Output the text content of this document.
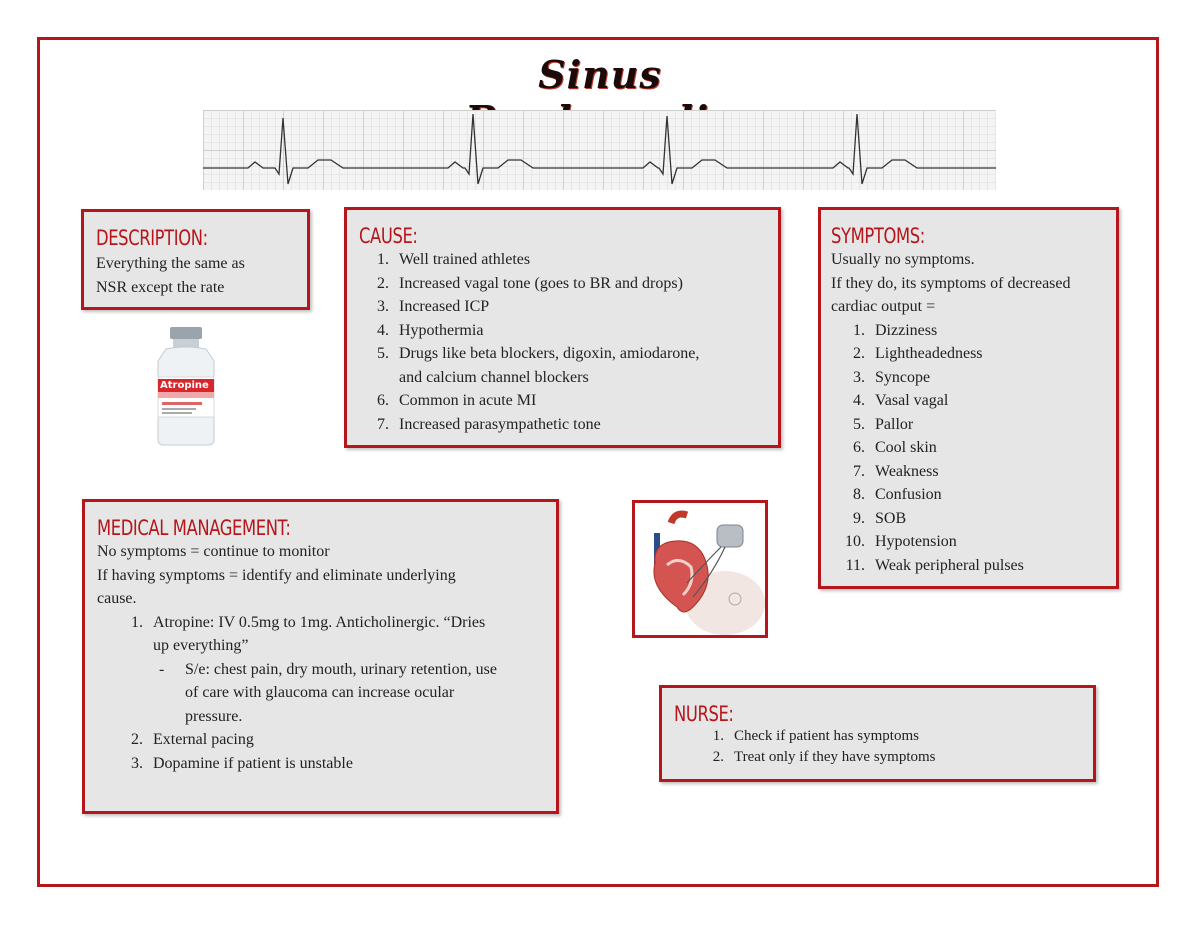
Sinus
DESCRIPTION:
Everything the same as
NSR except the rate
Atropine
CAUSE:
1. Well trained athletes
2. Increased vagal tone (goes to BR and drops)
3. Increased ICP
4. Hypothermia
5. Drugs like beta blockers, digoxin, amiodarone,
and calcium channel blockers
6. Common in acute MI
7. Increased parasympathetic tone
SYMPTOMS:
Usually no symptoms.
If they do, its symptoms of decreased
cardiac output =
1. Dizziness
2. Lightheadedness
3. Syncope
4. Vasal vagal
5. Pallor
6. Cool skin
7. Weakness
8. Confusion
9. SOB
10. Hypotension
11. Weak peripheral pulses
MEDICAL MANAGEMENT:
No symptoms = continue to monitor
If having symptoms = identify and eliminate underlying
cause.
1. Atropine: IV 0.5mg to 1mg. Anticholinergic. “Dries
up everything”
-	S/e: chest pain, dry mouth, urinary retention, use
of care with glaucoma can increase ocular
pressure.
2. External pacing
3. Dopamine if patient is unstable
NURSE:
1. Check if patient has symptoms
2. Treat only if they have symptoms
